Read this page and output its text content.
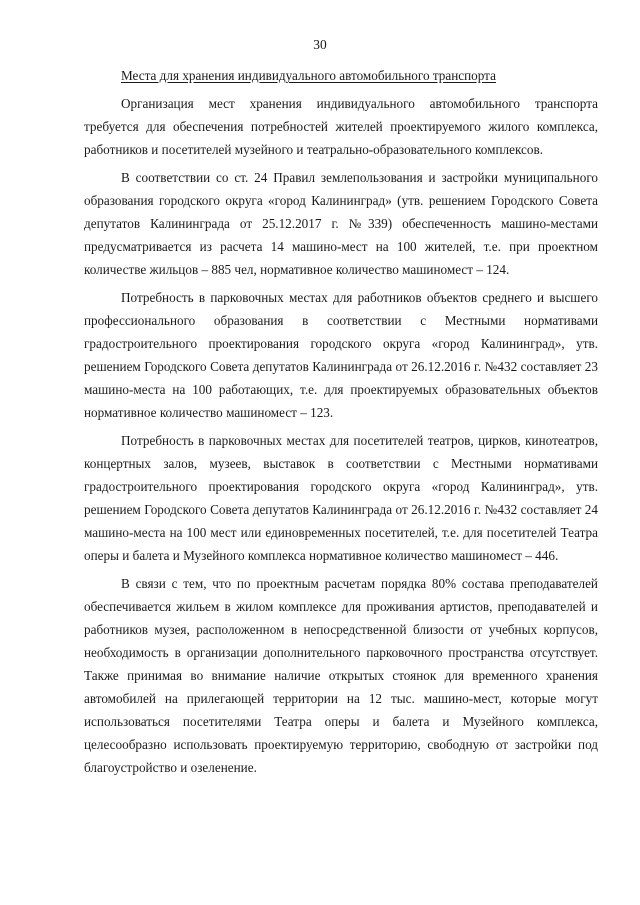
30
Места для хранения индивидуального автомобильного транспорта

Организация мест хранения индивидуального автомобильного транспорта требуется для обеспечения потребностей жителей проектируемого жилого комплекса, работников и посетителей музейного и театрально-образовательного комплексов.

В соответствии со ст. 24 Правил землепользования и застройки муниципального образования городского округа «город Калининград» (утв. решением Городского Совета депутатов Калининграда от 25.12.2017 г. №339) обеспеченность машино-местами предусматривается из расчета 14 машино-мест на 100 жителей, т.е. при проектном количестве жильцов – 885 чел, нормативное количество машиномест – 124.

Потребность в парковочных местах для работников объектов среднего и высшего профессионального образования в соответствии с Местными нормативами градостроительного проектирования городского округа «город Калининград», утв. решением Городского Совета депутатов Калининграда от 26.12.2016 г. №432 составляет 23 машино-места на 100 работающих, т.е. для проектируемых образовательных объектов нормативное количество машиномест – 123.

Потребность в парковочных местах для посетителей театров, цирков, кинотеатров, концертных залов, музеев, выставок в соответствии с Местными нормативами градостроительного проектирования городского округа «город Калининград», утв. решением Городского Совета депутатов Калининграда от 26.12.2016 г. №432 составляет 24 машино-места на 100 мест или единовременных посетителей, т.е. для посетителей Театра оперы и балета и Музейного комплекса нормативное количество машиномест – 446.

В связи с тем, что по проектным расчетам порядка 80% состава преподавателей обеспечивается жильем в жилом комплексе для проживания артистов, преподавателей и работников музея, расположенном в непосредственной близости от учебных корпусов, необходимость в организации дополнительного парковочного пространства отсутствует. Также принимая во внимание наличие открытых стоянок для временного хранения автомобилей на прилегающей территории на 12 тыс. машино-мест, которые могут использоваться посетителями Театра оперы и балета и Музейного комплекса, целесообразно использовать проектируемую территорию, свободную от застройки под благоустройство и озеленение.
